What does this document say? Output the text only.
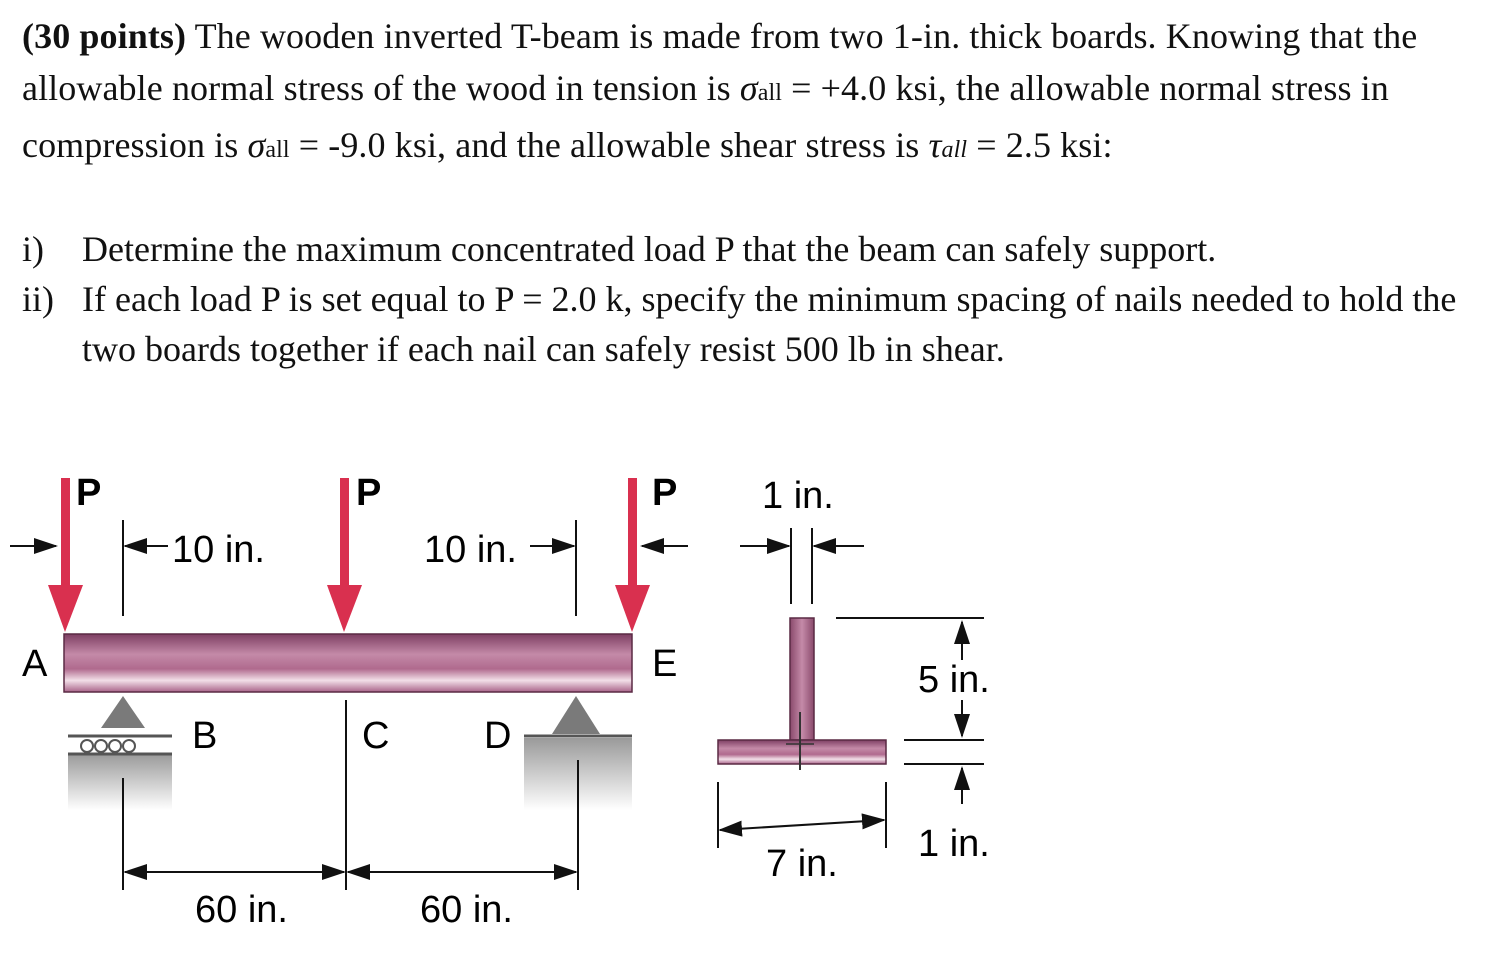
(30 points) The wooden inverted T-beam is made from two 1-in. thick boards. Knowing that the allowable normal stress of the wood in tension is σall = +4.0 ksi, the allowable normal stress in compression is σall = -9.0 ksi, and the allowable shear stress is τall = 2.5 ksi:
i) Determine the maximum concentrated load P that the beam can safely support.
ii) If each load P is set equal to P = 2.0 k, specify the minimum spacing of nails needed to hold the two boards together if each nail can safely resist 500 lb in shear.
P	P	P
10 in.	10 in.
A	E
B	C D
60 in.	60 in.
1 in.
5 in.
1 in.
7 in.
